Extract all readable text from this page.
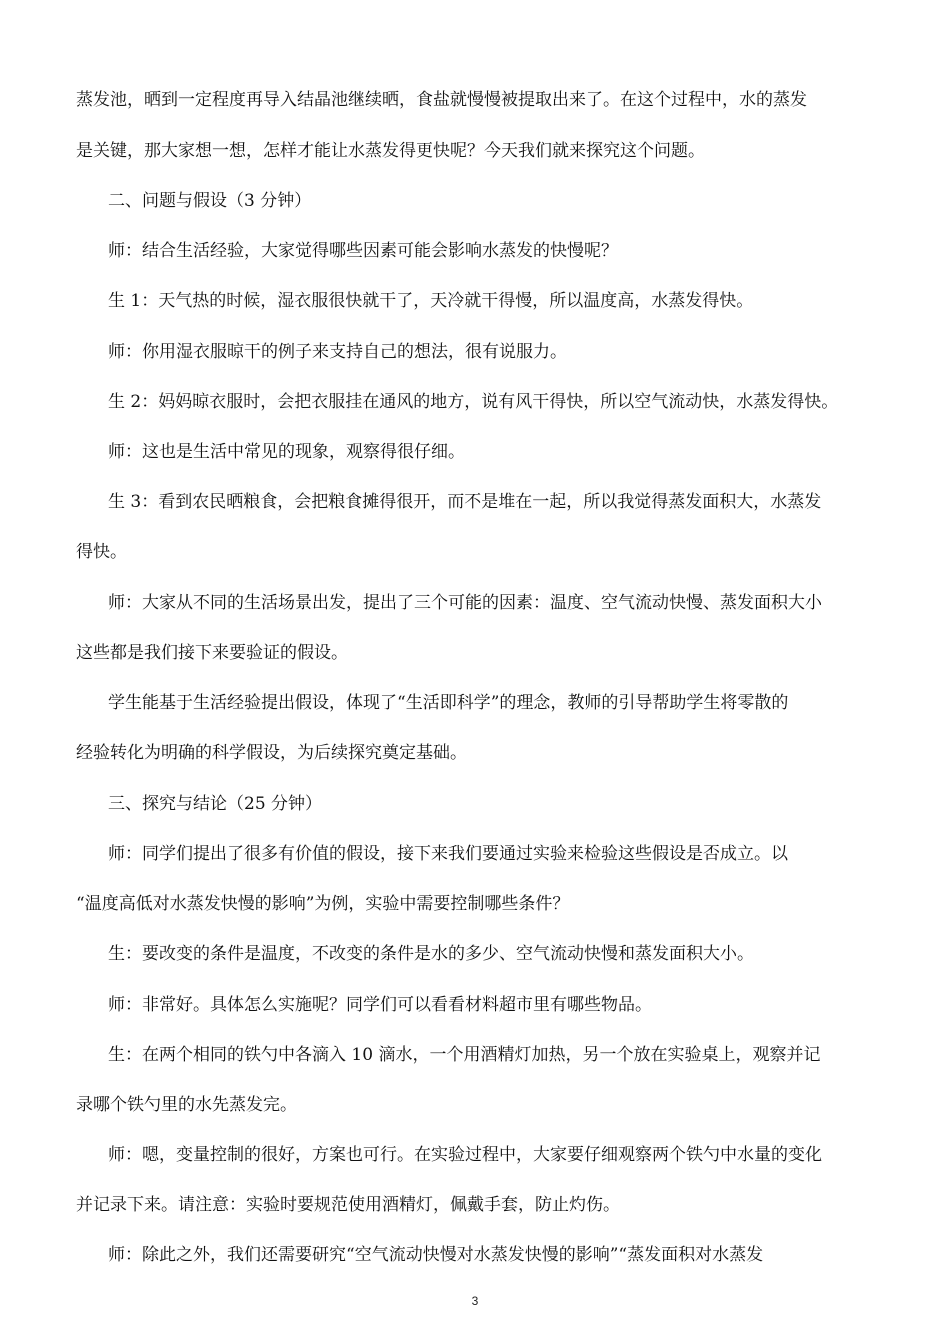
蒸发池，晒到一定程度再导入结晶池继续晒，食盐就慢慢被提取出来了。在这个过程中，水的蒸发
是关键，那大家想一想，怎样才能让水蒸发得更快呢？今天我们就来探究这个问题。
二、问题与假设（3 分钟）
师：结合生活经验，大家觉得哪些因素可能会影响水蒸发的快慢呢？
生 1：天气热的时候，湿衣服很快就干了，天冷就干得慢，所以温度高，水蒸发得快。
师：你用湿衣服晾干的例子来支持自己的想法，很有说服力。
生 2：妈妈晾衣服时，会把衣服挂在通风的地方，说有风干得快，所以空气流动快，水蒸发得快。
师：这也是生活中常见的现象，观察得很仔细。
生 3：看到农民晒粮食，会把粮食摊得很开，而不是堆在一起，所以我觉得蒸发面积大，水蒸发
得快。
师：大家从不同的生活场景出发，提出了三个可能的因素：温度、空气流动快慢、蒸发面积大小
这些都是我们接下来要验证的假设。
学生能基于生活经验提出假设，体现了“生活即科学”的理念，教师的引导帮助学生将零散的
经验转化为明确的科学假设，为后续探究奠定基础。
三、探究与结论（25 分钟）
师：同学们提出了很多有价值的假设，接下来我们要通过实验来检验这些假设是否成立。以
“温度高低对水蒸发快慢的影响”为例，实验中需要控制哪些条件？
生：要改变的条件是温度，不改变的条件是水的多少、空气流动快慢和蒸发面积大小。
师：非常好。具体怎么实施呢？同学们可以看看材料超市里有哪些物品。
生：在两个相同的铁勺中各滴入 10 滴水，一个用酒精灯加热，另一个放在实验桌上，观察并记
录哪个铁勺里的水先蒸发完。
师：嗯，变量控制的很好，方案也可行。在实验过程中，大家要仔细观察两个铁勺中水量的变化
并记录下来。请注意：实验时要规范使用酒精灯，佩戴手套，防止灼伤。
师：除此之外，我们还需要研究“空气流动快慢对水蒸发快慢的影响”“蒸发面积对水蒸发
3
